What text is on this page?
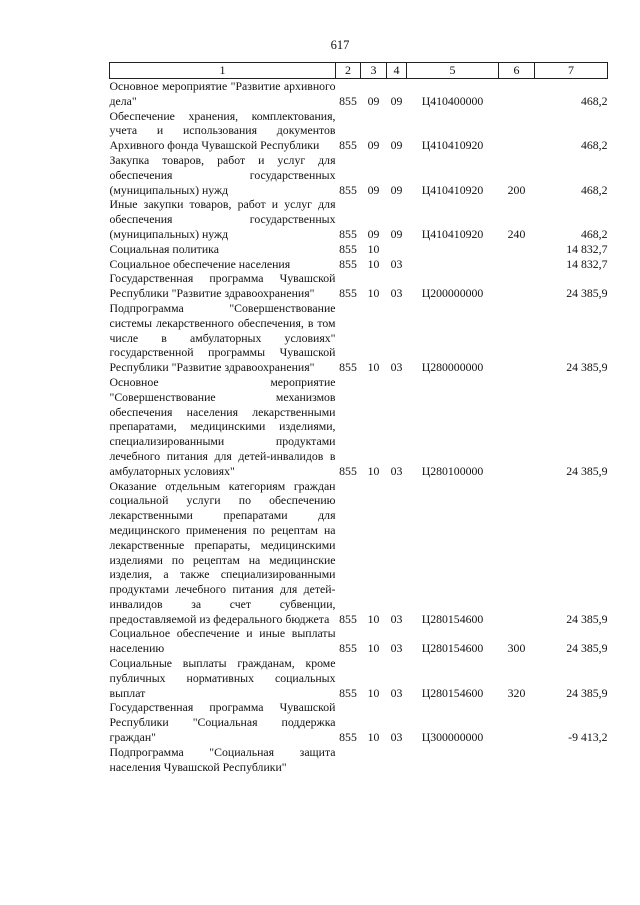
617
1	2	3	4	5	6	7
Основное мероприятие "Развитие архивного дела"	855	09	09	Ц410400000		468,2
Обеспечение хранения, комплектования, учета и использования документов Архивного фонда Чувашской Республики	855	09	09	Ц410410920		468,2
Закупка товаров, работ и услуг для обеспечения государственных (муниципальных) нужд	855	09	09	Ц410410920	200	468,2
Иные закупки товаров, работ и услуг для обеспечения государственных (муниципальных) нужд	855	09	09	Ц410410920	240	468,2
Социальная политика	855	10				14 832,7
Социальное обеспечение населения	855	10	03			14 832,7
Государственная программа Чувашской Республики "Развитие здравоохранения"	855	10	03	Ц200000000		24 385,9
Подпрограмма "Совершенствование системы лекарственного обеспечения, в том числе в амбулаторных условиях" государственной программы Чувашской Республики "Развитие здравоохранения"	855	10	03	Ц280000000		24 385,9
Основное мероприятие "Совершенствование механизмов обеспечения населения лекарственными препаратами, медицинскими изделиями, специализированными продуктами лечебного питания для детей-инвалидов в амбулаторных условиях"	855	10	03	Ц280100000		24 385,9
Оказание отдельным категориям граждан социальной услуги по обеспечению лекарственными препаратами для медицинского применения по рецептам на лекарственные препараты, медицинскими изделиями по рецептам на медицинские изделия, а также специализированными продуктами лечебного питания для детей-инвалидов за счет субвенции, предоставляемой из федерального бюджета	855	10	03	Ц280154600		24 385,9
Социальное обеспечение и иные выплаты населению	855	10	03	Ц280154600	300	24 385,9
Социальные выплаты гражданам, кроме публичных нормативных социальных выплат	855	10	03	Ц280154600	320	24 385,9
Государственная программа Чувашской Республики "Социальная поддержка граждан"	855	10	03	Ц300000000		-9 413,2
Подпрограмма "Социальная защита населения Чувашской Республики"						
